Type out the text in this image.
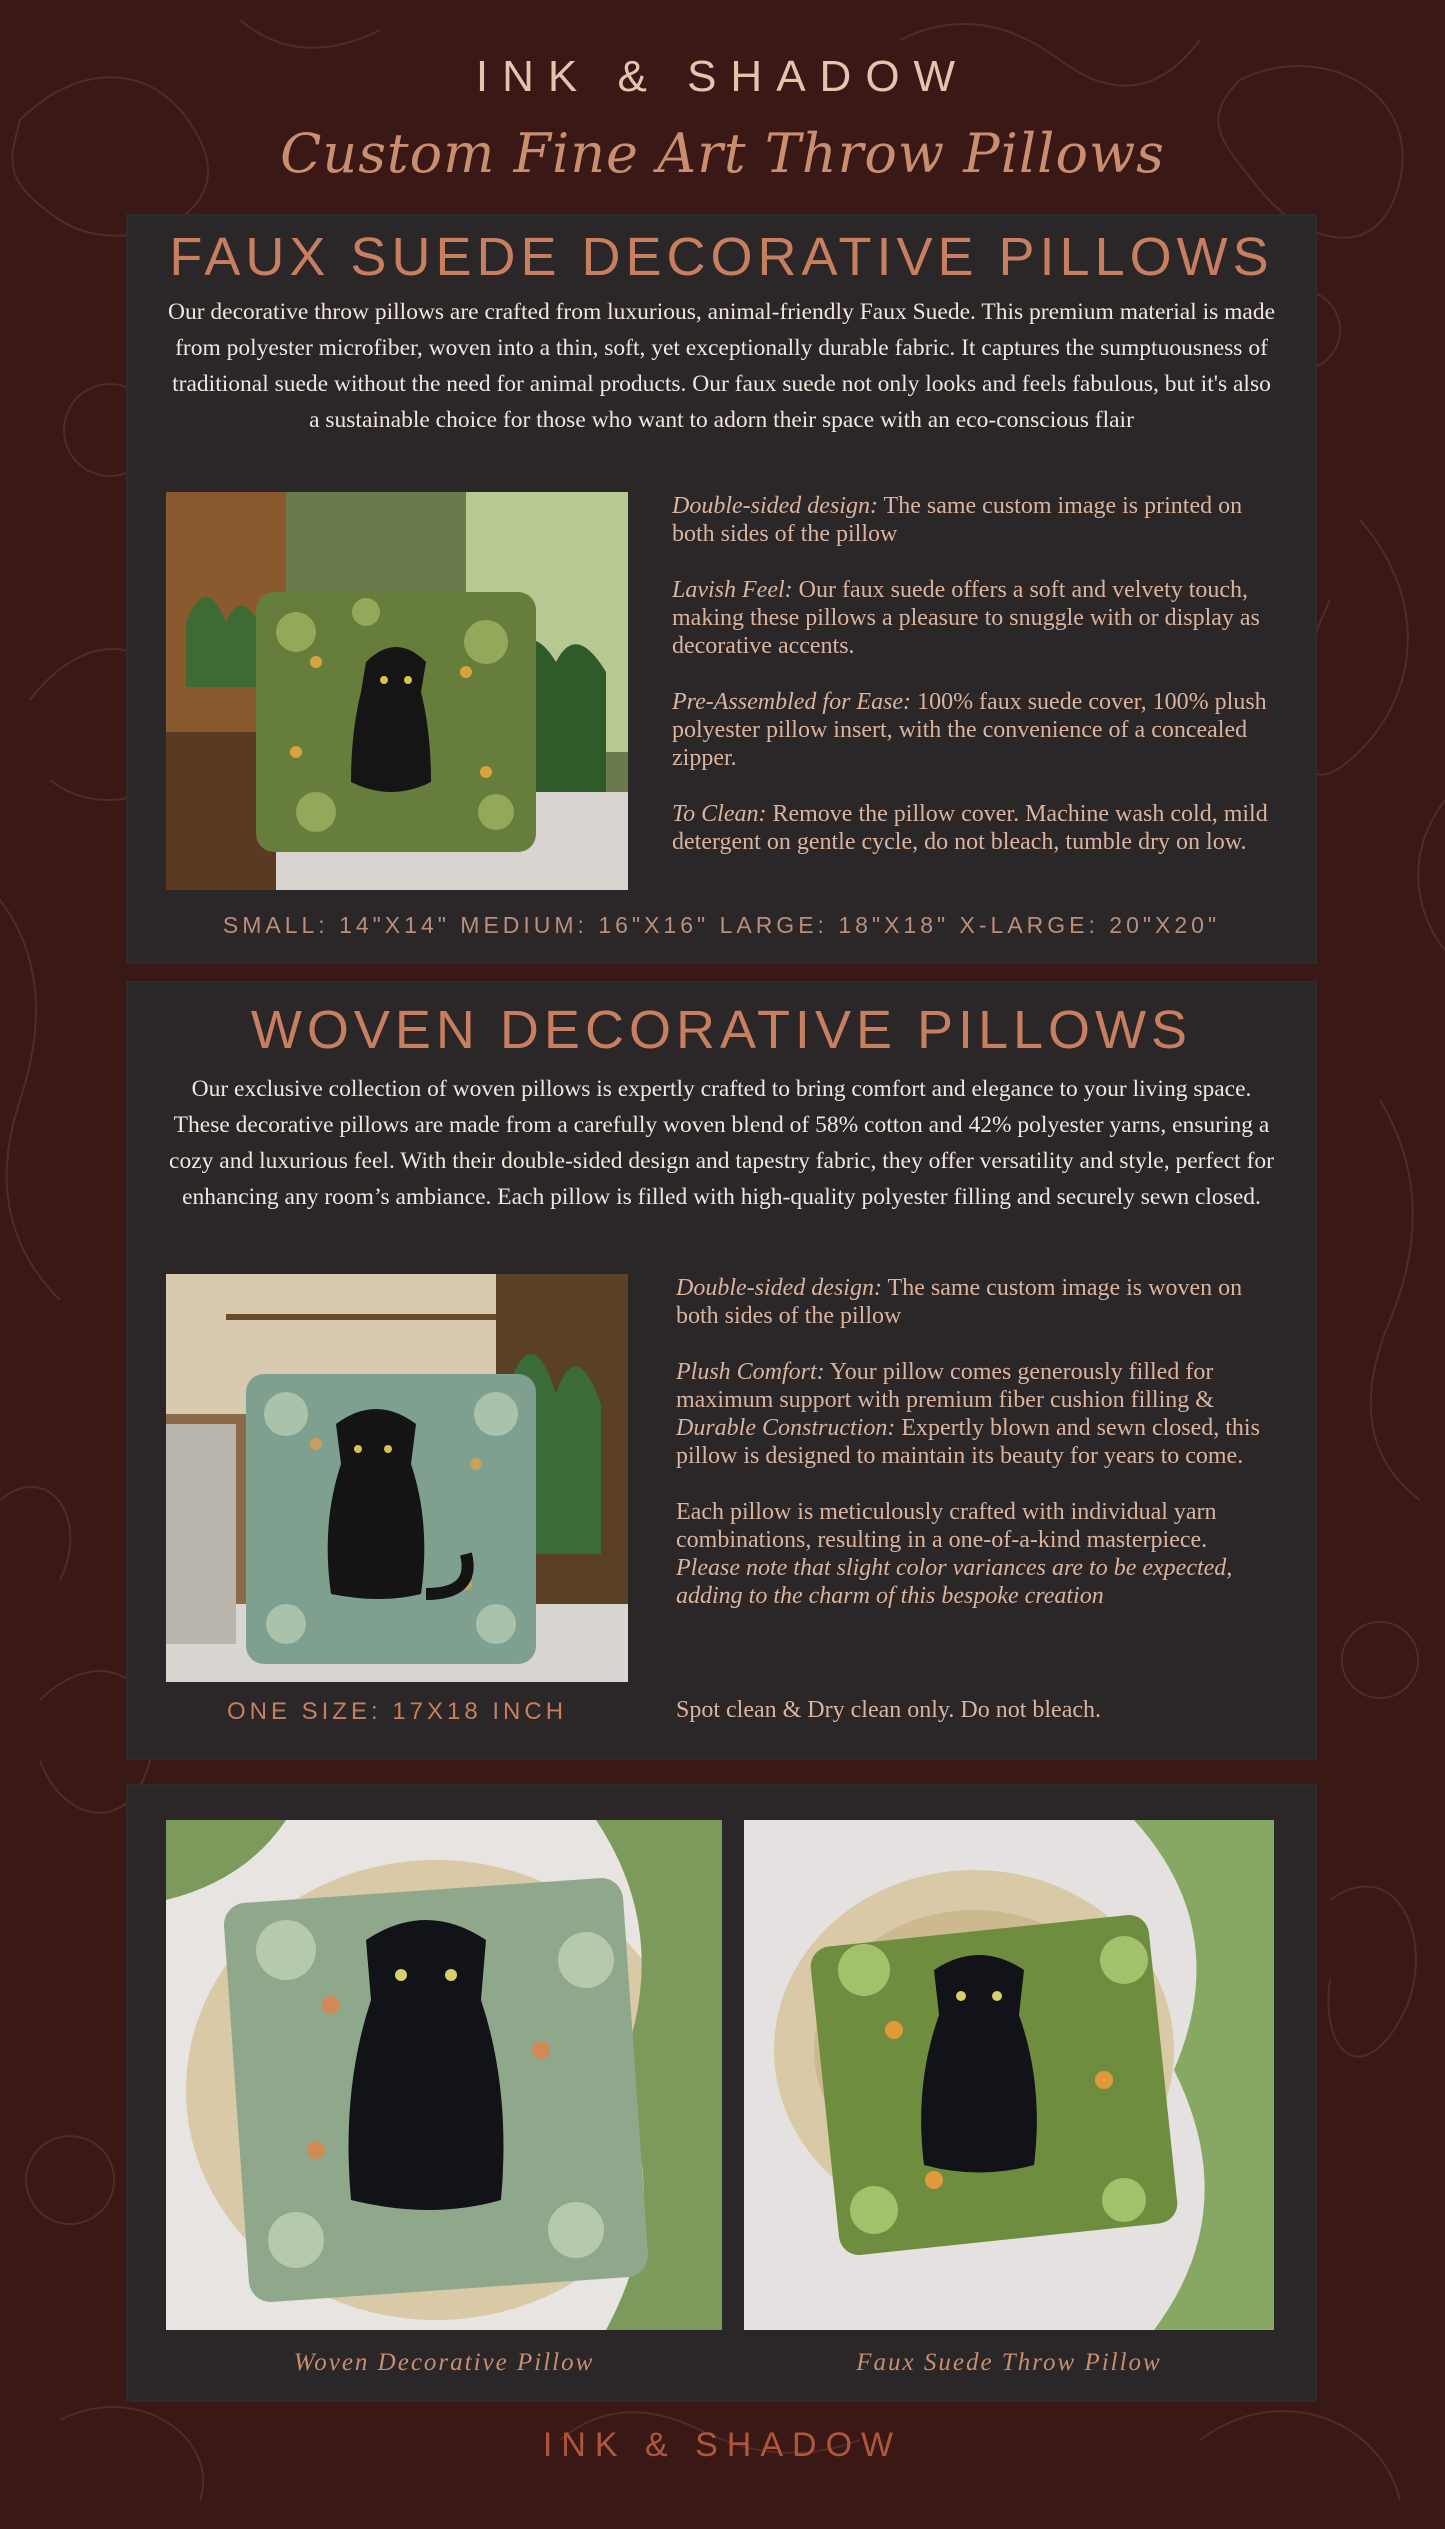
INK & SHADOW
Custom Fine Art Throw Pillows
FAUX SUEDE DECORATIVE PILLOWS
Our decorative throw pillows are crafted from luxurious, animal-friendly Faux Suede. This premium material is made from polyester microfiber, woven into a thin, soft, yet exceptionally durable fabric. It captures the sumptuousness of traditional suede without the need for animal products. Our faux suede not only looks and feels fabulous, but it's also a sustainable choice for those who want to adorn their space with an eco-conscious flair
Double-sided design: The same custom image is printed on both sides of the pillow
Lavish Feel: Our faux suede offers a soft and velvety touch, making these pillows a pleasure to snuggle with or display as decorative accents.
Pre-Assembled for Ease: 100% faux suede cover, 100% plush polyester pillow insert, with the convenience of a concealed zipper.
To Clean: Remove the pillow cover. Machine wash cold, mild detergent on gentle cycle, do not bleach, tumble dry on low.
SMALL: 14"X14" MEDIUM: 16"X16" LARGE: 18"X18" X-LARGE: 20"X20"
WOVEN DECORATIVE PILLOWS
Our exclusive collection of woven pillows is expertly crafted to bring comfort and elegance to your living space. These decorative pillows are made from a carefully woven blend of 58% cotton and 42% polyester yarns, ensuring a cozy and luxurious feel. With their double-sided design and tapestry fabric, they offer versatility and style, perfect for enhancing any room’s ambiance. Each pillow is filled with high-quality polyester filling and securely sewn closed.
Double-sided design: The same custom image is woven on both sides of the pillow
Plush Comfort: Your pillow comes generously filled for maximum support with premium fiber cushion filling & Durable Construction: Expertly blown and sewn closed, this pillow is designed to maintain its beauty for years to come.
Each pillow is meticulously crafted with individual yarn combinations, resulting in a one-of-a-kind masterpiece. Please note that slight color variances are to be expected, adding to the charm of this bespoke creation
ONE SIZE: 17X18 INCH	Spot clean & Dry clean only. Do not bleach.
Woven Decorative Pillow	Faux Suede Throw Pillow
INK & SHADOW
